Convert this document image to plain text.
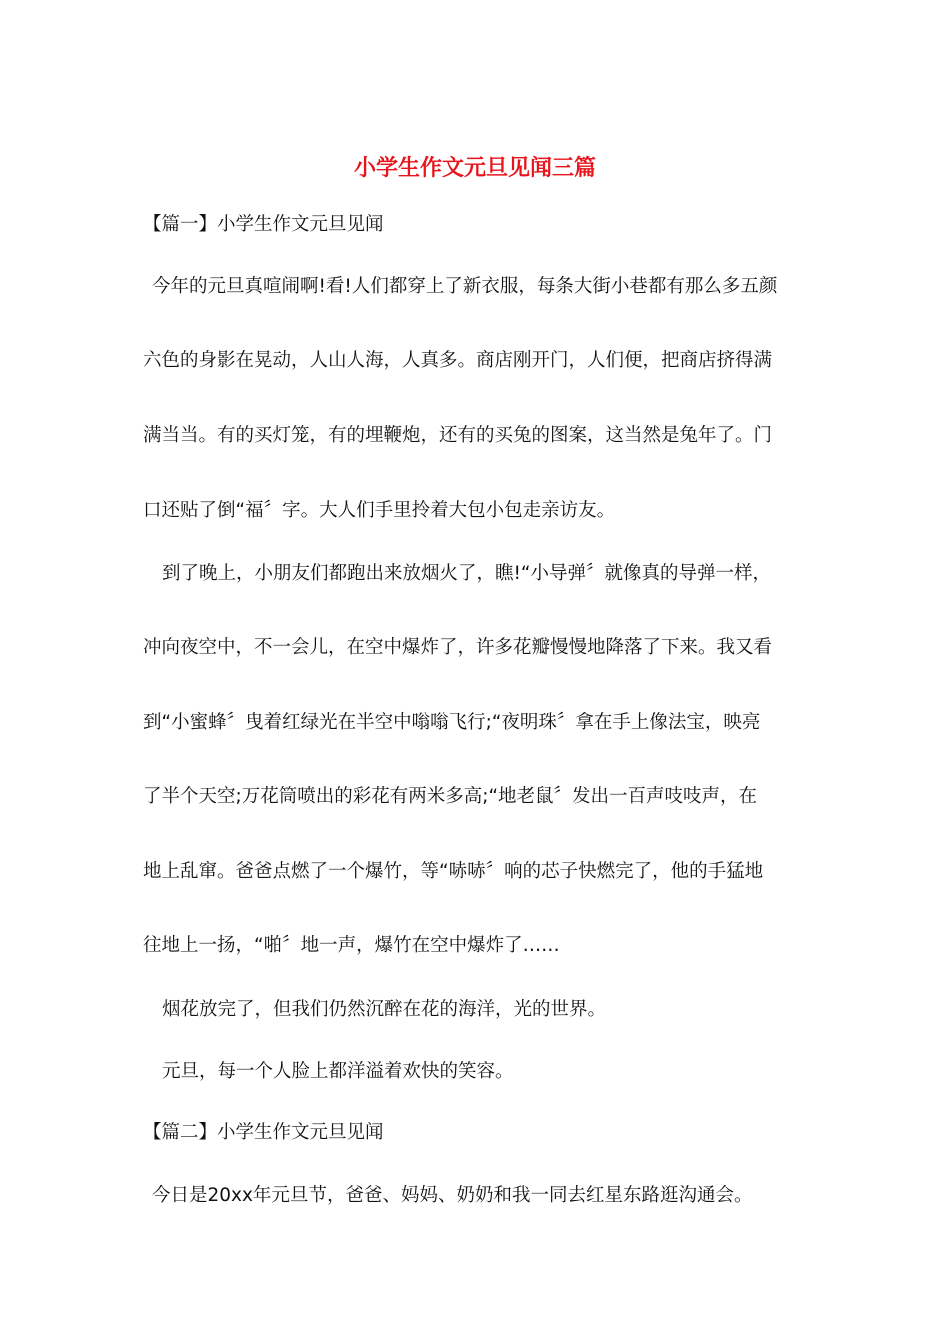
小学生作文元旦见闻三篇
【篇一】小学生作文元旦见闻
今年的元旦真喧闹啊!看!人们都穿上了新衣服，每条大街小巷都有那么多五颜
六色的身影在晃动，人山人海，人真多。商店刚开门，人们便，把商店挤得满
满当当。有的买灯笼，有的埋鞭炮，还有的买兔的图案，这当然是兔年了。门
口还贴了倒“福〞字。大人们手里拎着大包小包走亲访友。
到了晚上，小朋友们都跑出来放烟火了，瞧!“小导弹〞就像真的导弹一样，
冲向夜空中，不一会儿，在空中爆炸了，许多花瓣慢慢地降落了下来。我又看
到“小蜜蜂〞曳着红绿光在半空中嗡嗡飞行;“夜明珠〞拿在手上像法宝，映亮
了半个天空;万花筒喷出的彩花有两米多高;“地老鼠〞发出一百声吱吱声，在
地上乱窜。爸爸点燃了一个爆竹，等“哧哧〞响的芯子快燃完了，他的手猛地
往地上一扬，“啪〞地一声，爆竹在空中爆炸了……
烟花放完了，但我们仍然沉醉在花的海洋，光的世界。
元旦，每一个人脸上都洋溢着欢快的笑容。
【篇二】小学生作文元旦见闻
今日是20xx年元旦节，爸爸、妈妈、奶奶和我一同去红星东路逛沟通会。
